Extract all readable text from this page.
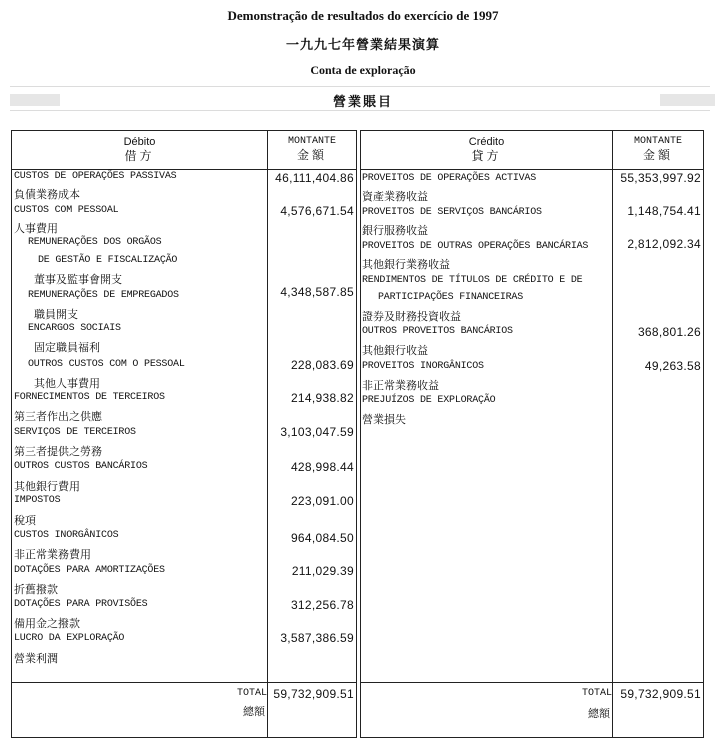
Demonstração de resultados do exercício de 1997
一九九七年營業結果演算
Conta de exploração
營業賬目
Débito
借方
MONTANTE
金額
Crédito
貸方
MONTANTE
金額
CUSTOS DE OPERAÇÕES PASSIVAS
負債業務成本
46,111,404.86
CUSTOS COM PESSOAL
人事費用
4,576,671.54
REMUNERAÇÕES DOS ORGÃOS
DE GESTÃO E FISCALIZAÇÃO
董事及監事會開支
REMUNERAÇÕES DE EMPREGADOS
職員開支
4,348,587.85
ENCARGOS SOCIAIS
固定職員福利
OUTROS CUSTOS COM O PESSOAL
其他人事費用
228,083.69
FORNECIMENTOS DE TERCEIROS
第三者作出之供應
214,938.82
SERVIÇOS DE TERCEIROS
第三者提供之勞務
3,103,047.59
OUTROS CUSTOS BANCÁRIOS
其他銀行費用
428,998.44
IMPOSTOS
稅項
223,091.00
CUSTOS INORGÂNICOS
非正常業務費用
964,084.50
DOTAÇÕES PARA AMORTIZAÇÕES
折舊撥款
211,029.39
DOTAÇÕES PARA PROVISÕES
備用金之撥款
312,256.78
LUCRO DA EXPLORAÇÃO
營業利潤
3,587,386.59
PROVEITOS DE OPERAÇÕES ACTIVAS
資產業務收益
55,353,997.92
PROVEITOS DE SERVIÇOS BANCÁRIOS
銀行服務收益
1,148,754.41
PROVEITOS DE OUTRAS OPERAÇÕES BANCÁRIAS
其他銀行業務收益
2,812,092.34
RENDIMENTOS DE TÍTULOS DE CRÉDITO E DE
PARTICIPAÇÕES FINANCEIRAS
證券及財務投資收益
OUTROS PROVEITOS BANCÁRIOS
其他銀行收益
368,801.26
PROVEITOS INORGÂNICOS
非正常業務收益
49,263.58
PREJUÍZOS DE EXPLORAÇÃO
營業損失
TOTAL
總額
59,732,909.51	TOTAL
總額
59,732,909.51
